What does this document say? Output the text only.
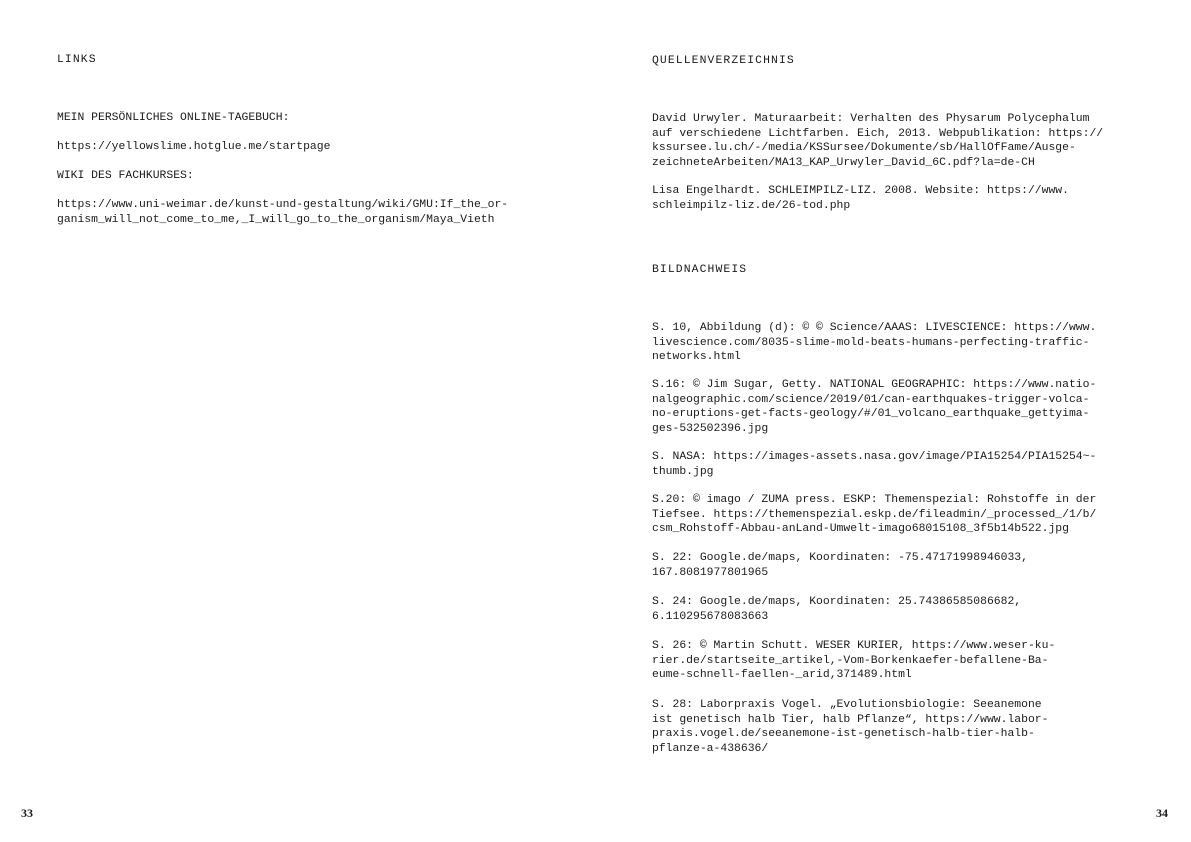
LINKS

MEIN PERSÖNLICHES ONLINE-TAGEBUCH:

https://yellowslime.hotglue.me/startpage

WIKI DES FACHKURSES:

https://www.uni-weimar.de/kunst-und-gestaltung/wiki/GMU:If_the_or-
ganism_will_not_come_to_me,_I_will_go_to_the_organism/Maya_Vieth

33
QUELLENVERZEICHNIS

David Urwyler. Maturaarbeit: Verhalten des Physarum Polycephalum
auf verschiedene Lichtfarben. Eich, 2013. Webpublikation: https://
kssursee.lu.ch/-/media/KSSursee/Dokumente/sb/HallOfFame/Ausge-
zeichneteArbeiten/MA13_KAP_Urwyler_David_6C.pdf?la=de-CH

Lisa Engelhardt. SCHLEIMPILZ-LIZ. 2008. Website: https://www.
schleimpilz-liz.de/26-tod.php

BILDNACHWEIS

S. 10, Abbildung (d): © © Science/AAAS: LIVESCIENCE: https://www.
livescience.com/8035-slime-mold-beats-humans-perfecting-traffic-
networks.html

S.16: © Jim Sugar, Getty. NATIONAL GEOGRAPHIC: https://www.natio-
nalgeographic.com/science/2019/01/can-earthquakes-trigger-volca-
no-eruptions-get-facts-geology/#/01_volcano_earthquake_gettyima-
ges-532502396.jpg

S. NASA: https://images-assets.nasa.gov/image/PIA15254/PIA15254~-
thumb.jpg

S.20: © imago / ZUMA press. ESKP: Themenspezial: Rohstoffe in der
Tiefsee. https://themenspezial.eskp.de/fileadmin/_processed_/1/b/
csm_Rohstoff-Abbau-anLand-Umwelt-imago68015108_3f5b14b522.jpg

S. 22: Google.de/maps, Koordinaten: -75.47171998946033,
167.8081977801965

S. 24: Google.de/maps, Koordinaten: 25.74386585086682,
6.110295678083663

S. 26: © Martin Schutt. WESER KURIER, https://www.weser-ku-
rier.de/startseite_artikel,-Vom-Borkenkaefer-befallene-Ba-
eume-schnell-faellen-_arid,371489.html

S. 28: Laborpraxis Vogel. „Evolutionsbiologie: Seeanemone
ist genetisch halb Tier, halb Pflanze“, https://www.labor-
praxis.vogel.de/seeanemone-ist-genetisch-halb-tier-halb-
pflanze-a-438636/

34
